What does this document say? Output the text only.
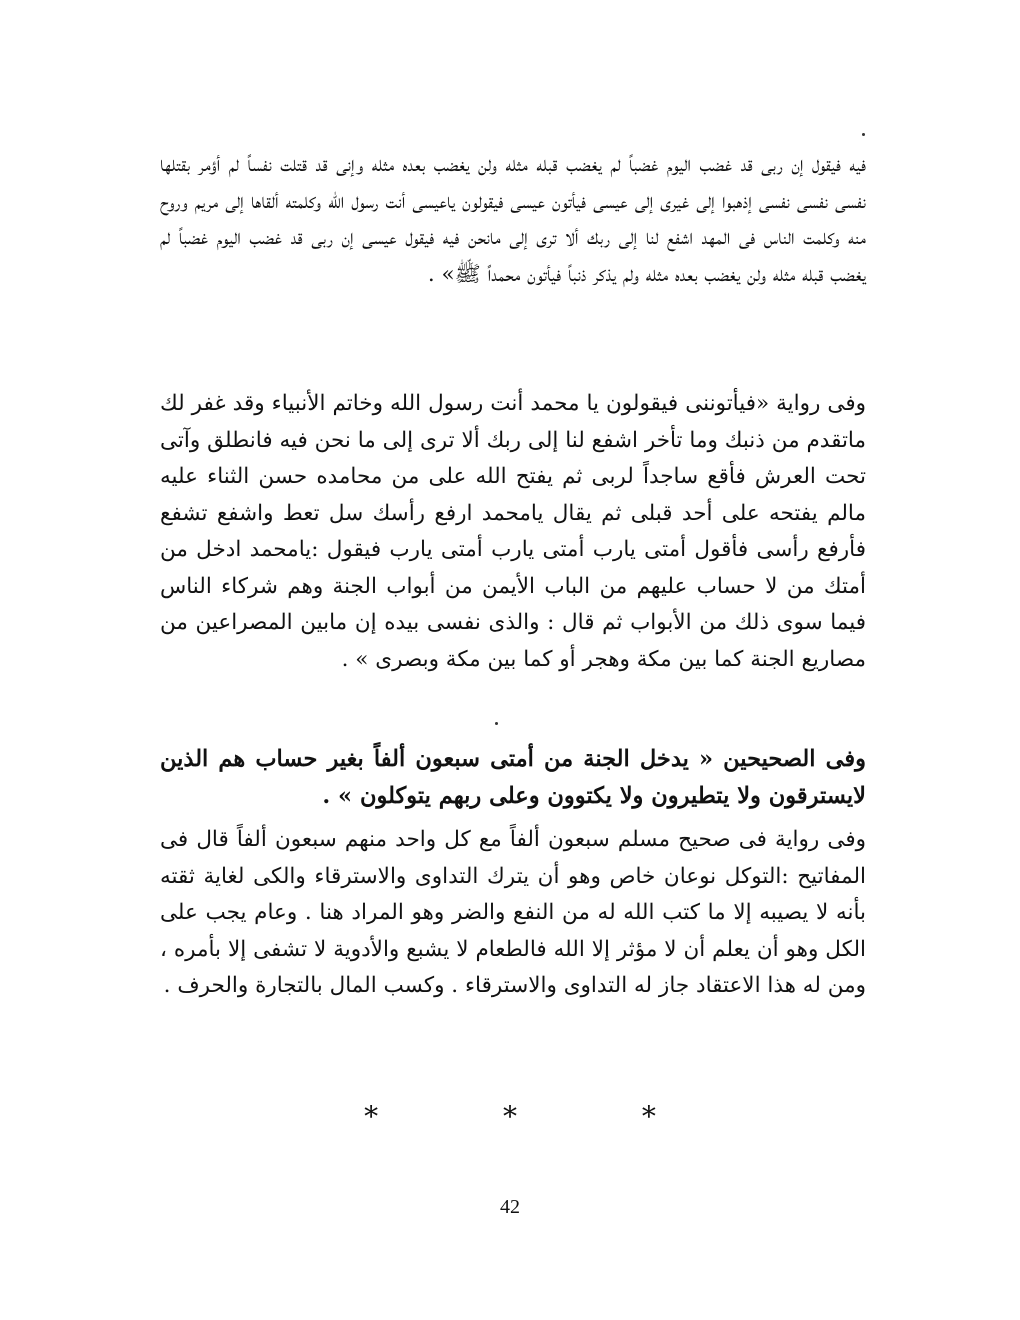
فيه فيقول إن ربى قد غضب اليوم غضباً لم يغضب قبله مثله ولن يغضب بعده مثله وإنى قد قتلت نفساً لم أؤمر بقتلها نفسى نفسى نفسى إذهبوا إلى غيرى إلى عيسى فيأتون عيسى فيقولون ياعيسى أنت رسول الله وكلمته ألقاها إلى مريم وروح منه وكلمت الناس فى المهد اشفع لنا إلى ربك ألا ترى إلى مانحن فيه فيقول عيسى إن ربى قد غضب اليوم غضباً لم يغضب قبله مثله ولن يغضب بعده مثله ولم يذكر ذنباً فيأتون محمداً ﷺ» .

وفى رواية «فيأتوننى فيقولون يا محمد أنت رسول الله وخاتم الأنبياء وقد غفر لك ماتقدم من ذنبك وما تأخر اشفع لنا إلى ربك ألا ترى إلى ما نحن فيه فانطلق وآتى تحت العرش فأقع ساجداً لربى ثم يفتح الله على من محامده حسن الثناء عليه مالم يفتحه على أحد قبلى ثم يقال يامحمد ارفع رأسك سل تعط واشفع تشفع فأرفع رأسى فأقول أمتى يارب أمتى يارب أمتى يارب فيقول :يامحمد ادخل من أمتك من لا حساب عليهم من الباب الأيمن من أبواب الجنة وهم شركاء الناس فيما سوى ذلك من الأبواب ثم قال : والذى نفسى بيده إن مابين المصراعين من مصاريع الجنة كما بين مكة وهجر أو كما بين مكة وبصرى » .

وفى الصحيحين « يدخل الجنة من أمتى سبعون ألفاً بغير حساب هم الذين لايسترقون ولا يتطيرون ولا يكتوون وعلى ربهم يتوكلون » .

وفى رواية فى صحيح مسلم سبعون ألفاً مع كل واحد منهم سبعون ألفاً قال فى المفاتيح :التوكل نوعان خاص وهو أن يترك التداوى والاسترقاء والكى لغاية ثقته بأنه لا يصيبه إلا ما كتب الله له من النفع والضر وهو المراد هنا . وعام يجب على الكل وهو أن يعلم أن لا مؤثر إلا الله فالطعام لا يشبع والأدوية لا تشفى إلا بأمره ، ومن له هذا الاعتقاد جاز له التداوى والاسترقاء . وكسب المال بالتجارة والحرف .

* * *
42
